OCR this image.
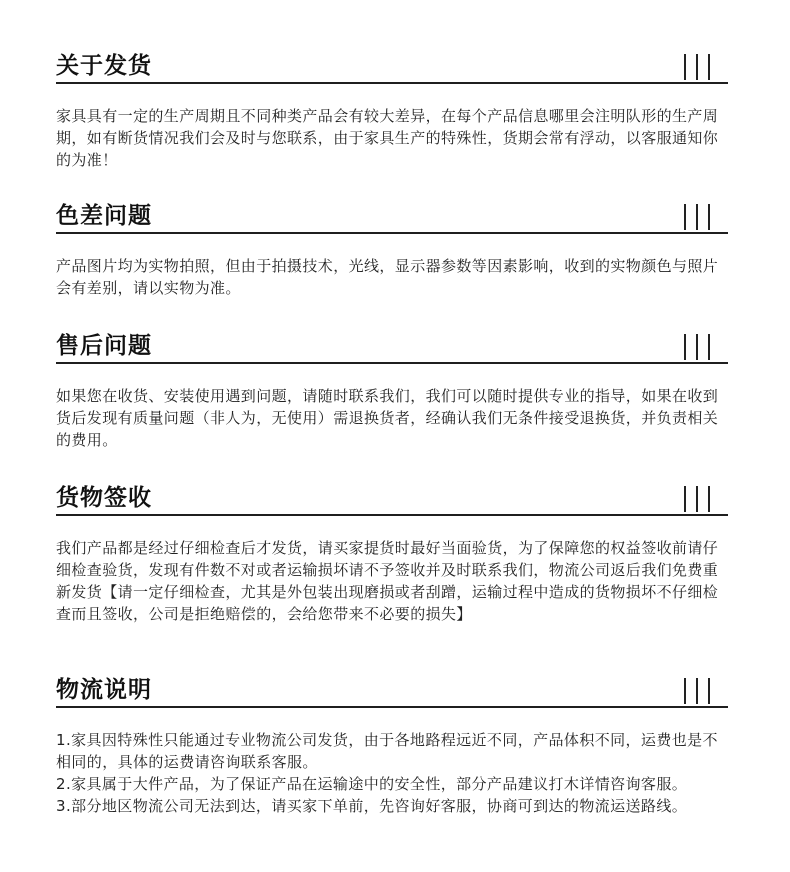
关于发货

家具具有一定的生产周期且不同种类产品会有较大差异，在每个产品信息哪里会注明队形的生产周期，如有断货情况我们会及时与您联系，由于家具生产的特殊性，货期会常有浮动，以客服通知你的为准！

色差问题

产品图片均为实物拍照，但由于拍摄技术，光线，显示器参数等因素影响，收到的实物颜色与照片会有差别，请以实物为准。

售后问题

如果您在收货、安装使用遇到问题，请随时联系我们，我们可以随时提供专业的指导，如果在收到货后发现有质量问题（非人为，无使用）需退换货者，经确认我们无条件接受退换货，并负责相关的费用。

货物签收

我们产品都是经过仔细检查后才发货，请买家提货时最好当面验货，为了保障您的权益签收前请仔细检查验货，发现有件数不对或者运输损坏请不予签收并及时联系我们，物流公司返后我们免费重新发货【请一定仔细检查，尤其是外包装出现磨损或者刮蹭，运输过程中造成的货物损坏不仔细检查而且签收，公司是拒绝赔偿的，会给您带来不必要的损失】

物流说明

1.家具因特殊性只能通过专业物流公司发货，由于各地路程远近不同，产品体积不同，运费也是不相同的，具体的运费请咨询联系客服。

2.家具属于大件产品，为了保证产品在运输途中的安全性，部分产品建议打木详情咨询客服。

3.部分地区物流公司无法到达，请买家下单前，先咨询好客服，协商可到达的物流运送路线。
